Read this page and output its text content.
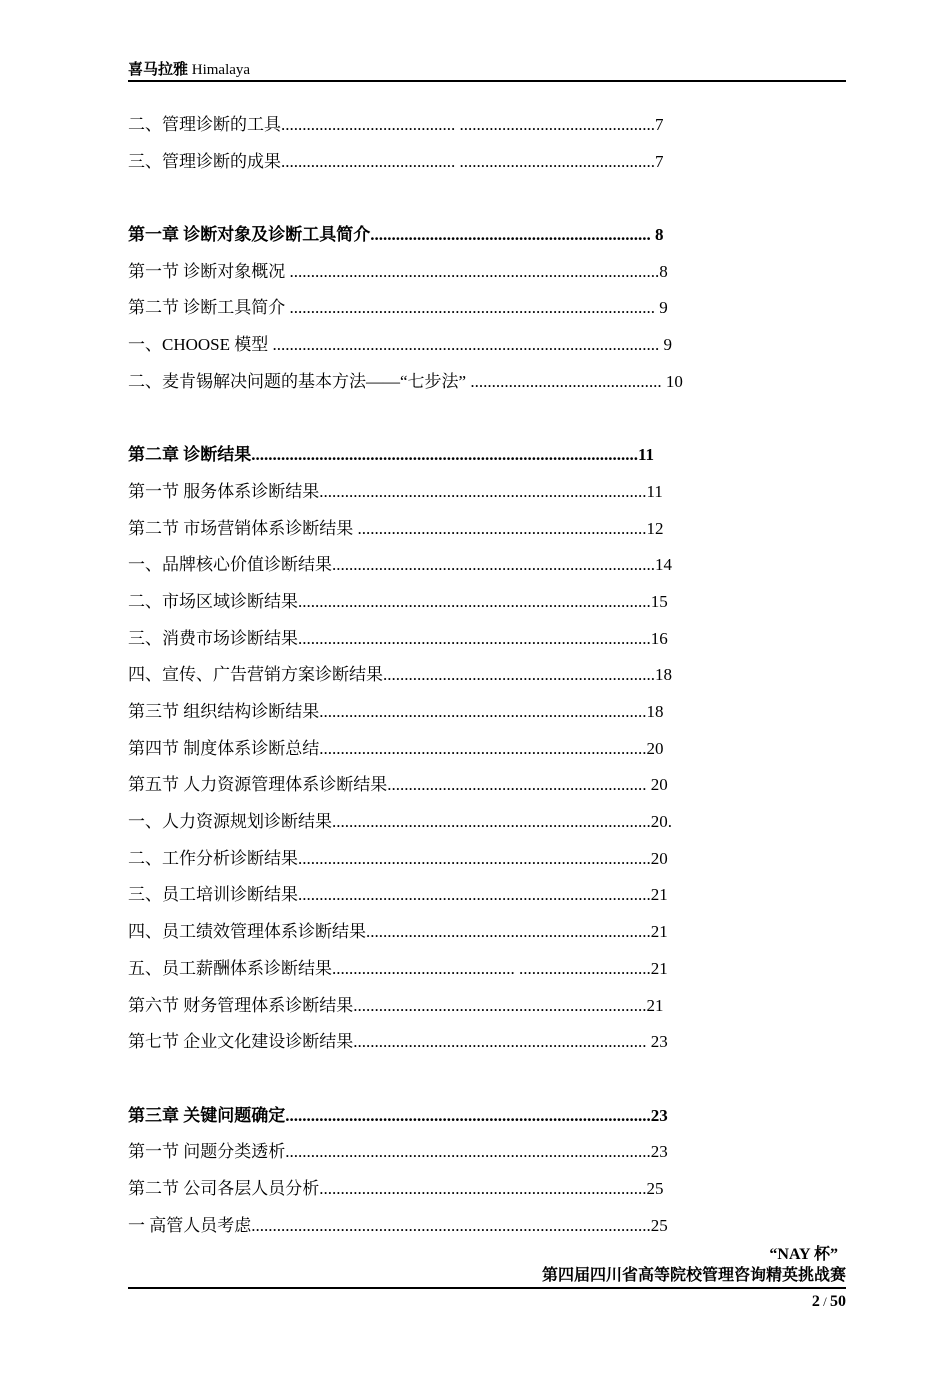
喜马拉雅 Himalaya
二、管理诊断的工具......................................... ..............................................7
三、管理诊断的成果......................................... ..............................................7
第一章 诊断对象及诊断工具简介.................................................................. 8
第一节 诊断对象概况 .......................................................................................8
第二节 诊断工具简介 ...................................................................................... 9
一、CHOOSE 模型 ........................................................................................... 9
二、麦肯锡解决问题的基本方法——“七步法” ............................................. 10
第二章 诊断结果...........................................................................................11
第一节 服务体系诊断结果.............................................................................11
第二节 市场营销体系诊断结果 ....................................................................12
一、品牌核心价值诊断结果............................................................................14
二、市场区域诊断结果...................................................................................15
三、消费市场诊断结果...................................................................................16
四、宣传、广告营销方案诊断结果................................................................18
第三节 组织结构诊断结果.............................................................................18
第四节 制度体系诊断总结.............................................................................20
第五节 人力资源管理体系诊断结果............................................................. 20
一、人力资源规划诊断结果...........................................................................20.
二、工作分析诊断结果...................................................................................20
三、员工培训诊断结果...................................................................................21
四、员工绩效管理体系诊断结果...................................................................21
五、员工薪酬体系诊断结果........................................... ...............................21
第六节 财务管理体系诊断结果.....................................................................21
第七节 企业文化建设诊断结果..................................................................... 23
第三章 关键问题确定......................................................................................23
第一节 问题分类透析......................................................................................23
第二节 公司各层人员分析.............................................................................25
一 高管人员考虑..............................................................................................25
“NAY 杯”
第四届四川省高等院校管理咨询精英挑战赛
2 / 50
